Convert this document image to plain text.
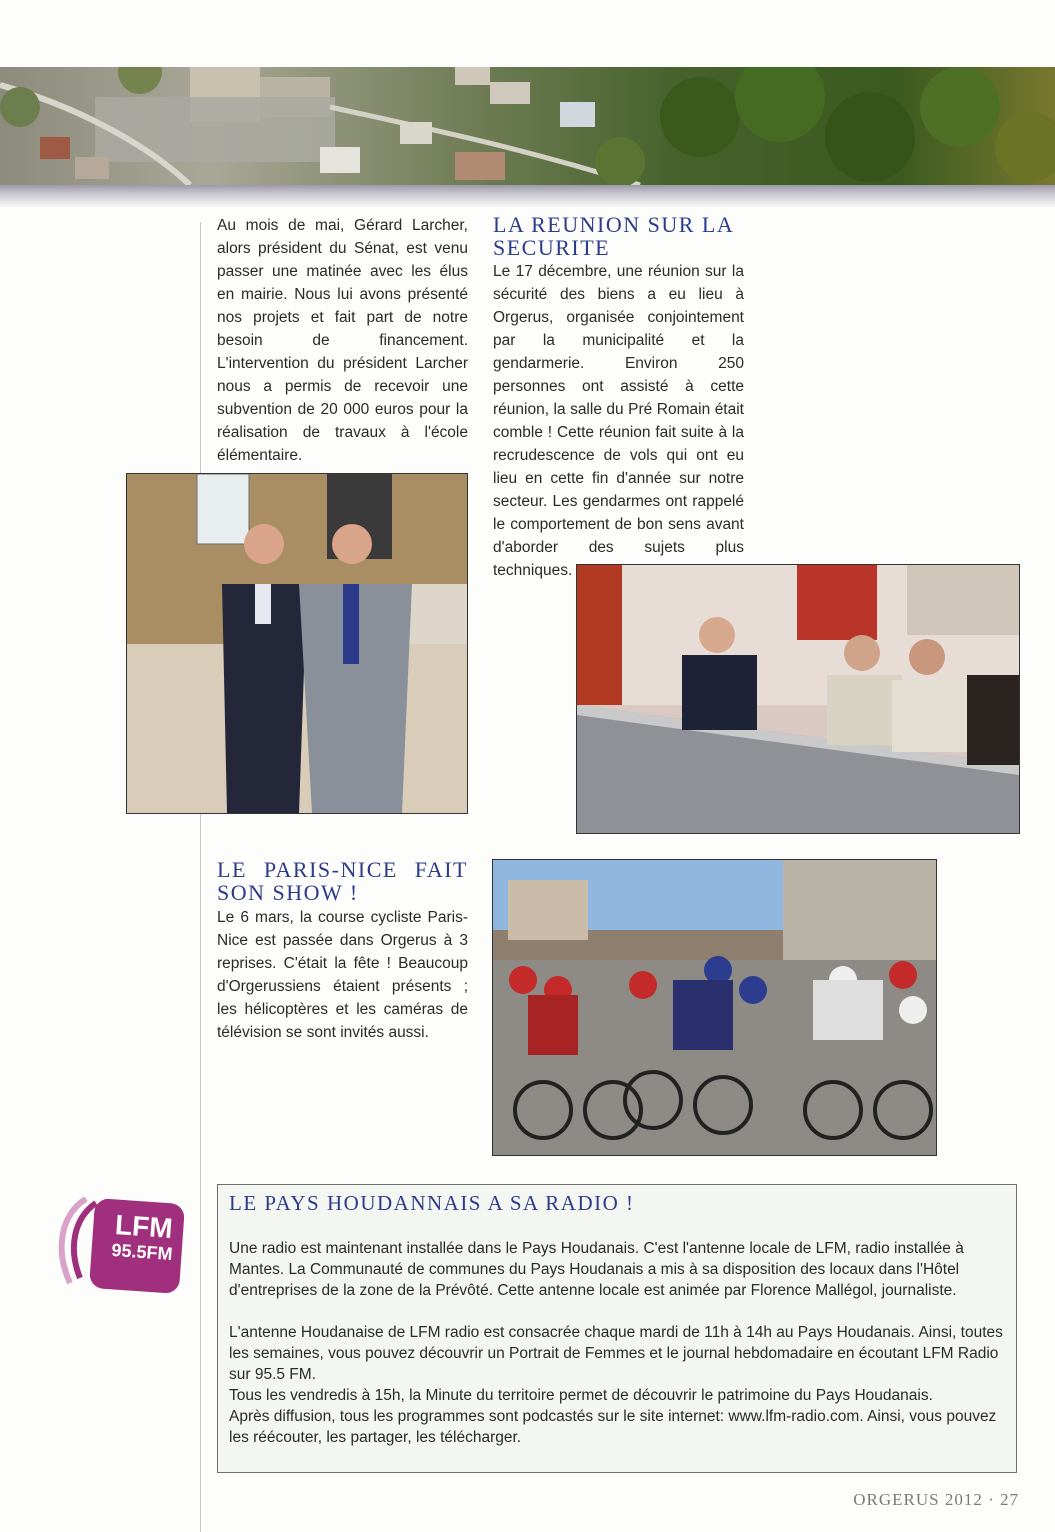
Au mois de mai, Gérard Larcher, alors président du Sénat, est venu passer une matinée avec les élus en mairie. Nous lui avons présenté nos projets et fait part de notre besoin de financement. L'intervention du président Larcher nous a permis de recevoir une subvention de 20 000 euros pour la réalisation de travaux à l'école élémentaire.

LA REUNION SUR LA

SECURITE

Le 17 décembre, une réunion sur la sécurité des biens a eu lieu à Orgerus, organisée conjointement par la municipalité et la gendarmerie. Environ 250 personnes ont assisté à cette réunion, la salle du Pré Romain était comble ! Cette réunion fait suite à la recrudescence de vols qui ont eu lieu en cette fin d'année sur notre secteur. Les gendarmes ont rappelé le comportement de bon sens avant d'aborder des sujets plus techniques.

LE PARIS-NICE FAIT

SON SHOW !

Le 6 mars, la course cycliste Paris-Nice est passée dans Orgerus à 3 reprises. C'était la fête ! Beaucoup d'Orgerussiens étaient présents ; les hélicoptères et les caméras de télévision se sont invités aussi.

LFM
95.5FM

LE PAYS HOUDANNAIS A SA RADIO !

Une radio est maintenant installée dans le Pays Houdanais. C'est l'antenne locale de LFM, radio installée à Mantes. La Communauté de communes du Pays Houdanais a mis à sa disposition des locaux dans l'Hôtel d'entreprises de la zone de la Prévôté. Cette antenne locale est animée par Florence Mallégol, journaliste.

L'antenne Houdanaise de LFM radio est consacrée chaque mardi de 11h à 14h au Pays Houdanais. Ainsi, toutes les semaines, vous pouvez découvrir un Portrait de Femmes et le journal hebdomadaire en écoutant LFM Radio sur 95.5 FM.

Tous les vendredis à 15h, la Minute du territoire permet de découvrir le patrimoine du Pays Houdanais.

Après diffusion, tous les programmes sont podcastés sur le site internet: www.lfm-radio.com. Ainsi, vous pouvez les réécouter, les partager, les télécharger.

ORGERUS 2012 · 27
